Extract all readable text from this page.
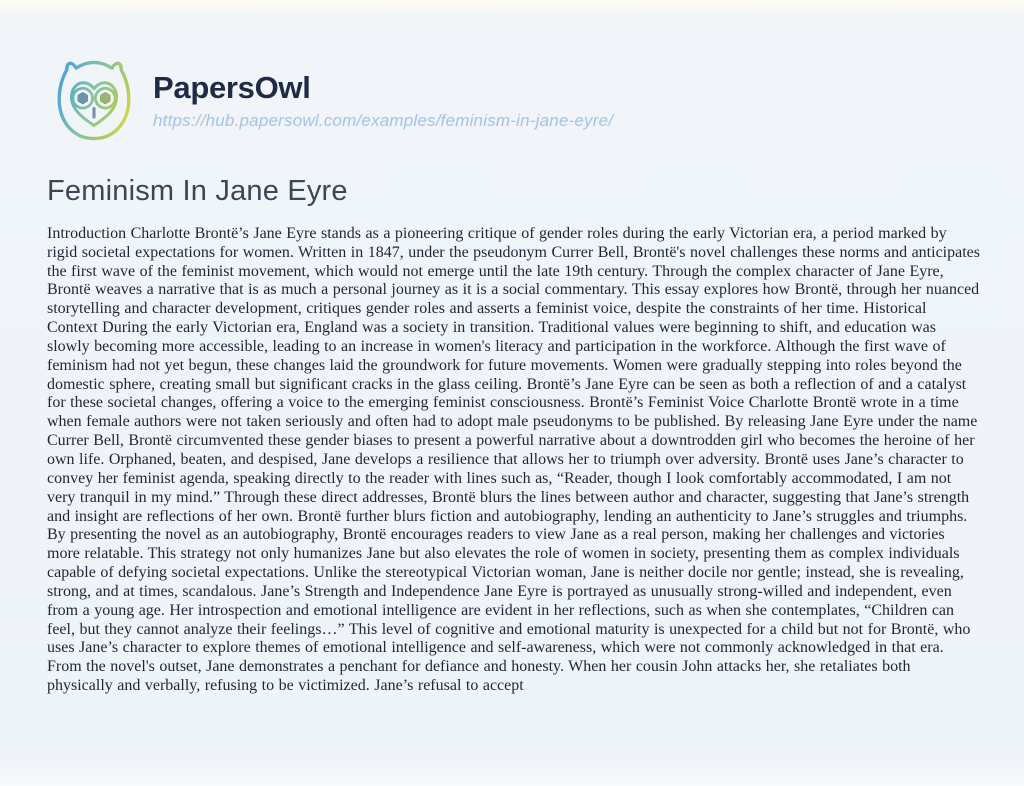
PapersOwl
https://hub.papersowl.com/examples/feminism-in-jane-eyre/
Feminism In Jane Eyre
Introduction Charlotte Brontë’s Jane Eyre stands as a pioneering critique of gender roles during the early Victorian era, a period marked by rigid societal expectations for women. Written in 1847, under the pseudonym Currer Bell, Brontë's novel challenges these norms and anticipates the first wave of the feminist movement, which would not emerge until the late 19th century. Through the complex character of Jane Eyre, Brontë weaves a narrative that is as much a personal journey as it is a social commentary. This essay explores how Brontë, through her nuanced storytelling and character development, critiques gender roles and asserts a feminist voice, despite the constraints of her time. Historical Context During the early Victorian era, England was a society in transition. Traditional values were beginning to shift, and education was slowly becoming more accessible, leading to an increase in women's literacy and participation in the workforce. Although the first wave of feminism had not yet begun, these changes laid the groundwork for future movements. Women were gradually stepping into roles beyond the domestic sphere, creating small but significant cracks in the glass ceiling. Brontë’s Jane Eyre can be seen as both a reflection of and a catalyst for these societal changes, offering a voice to the emerging feminist consciousness. Brontë’s Feminist Voice Charlotte Brontë wrote in a time when female authors were not taken seriously and often had to adopt male pseudonyms to be published. By releasing Jane Eyre under the name Currer Bell, Brontë circumvented these gender biases to present a powerful narrative about a downtrodden girl who becomes the heroine of her own life. Orphaned, beaten, and despised, Jane develops a resilience that allows her to triumph over adversity. Brontë uses Jane’s character to convey her feminist agenda, speaking directly to the reader with lines such as, “Reader, though I look comfortably accommodated, I am not very tranquil in my mind.” Through these direct addresses, Brontë blurs the lines between author and character, suggesting that Jane’s strength and insight are reflections of her own. Brontë further blurs fiction and autobiography, lending an authenticity to Jane’s struggles and triumphs. By presenting the novel as an autobiography, Brontë encourages readers to view Jane as a real person, making her challenges and victories more relatable. This strategy not only humanizes Jane but also elevates the role of women in society, presenting them as complex individuals capable of defying societal expectations. Unlike the stereotypical Victorian woman, Jane is neither docile nor gentle; instead, she is revealing, strong, and at times, scandalous. Jane’s Strength and Independence Jane Eyre is portrayed as unusually strong-willed and independent, even from a young age. Her introspection and emotional intelligence are evident in her reflections, such as when she contemplates, “Children can feel, but they cannot analyze their feelings…” This level of cognitive and emotional maturity is unexpected for a child but not for Brontë, who uses Jane’s character to explore themes of emotional intelligence and self-awareness, which were not commonly acknowledged in that era. From the novel's outset, Jane demonstrates a penchant for defiance and honesty. When her cousin John attacks her, she retaliates both physically and verbally, refusing to be victimized. Jane’s refusal to accept
